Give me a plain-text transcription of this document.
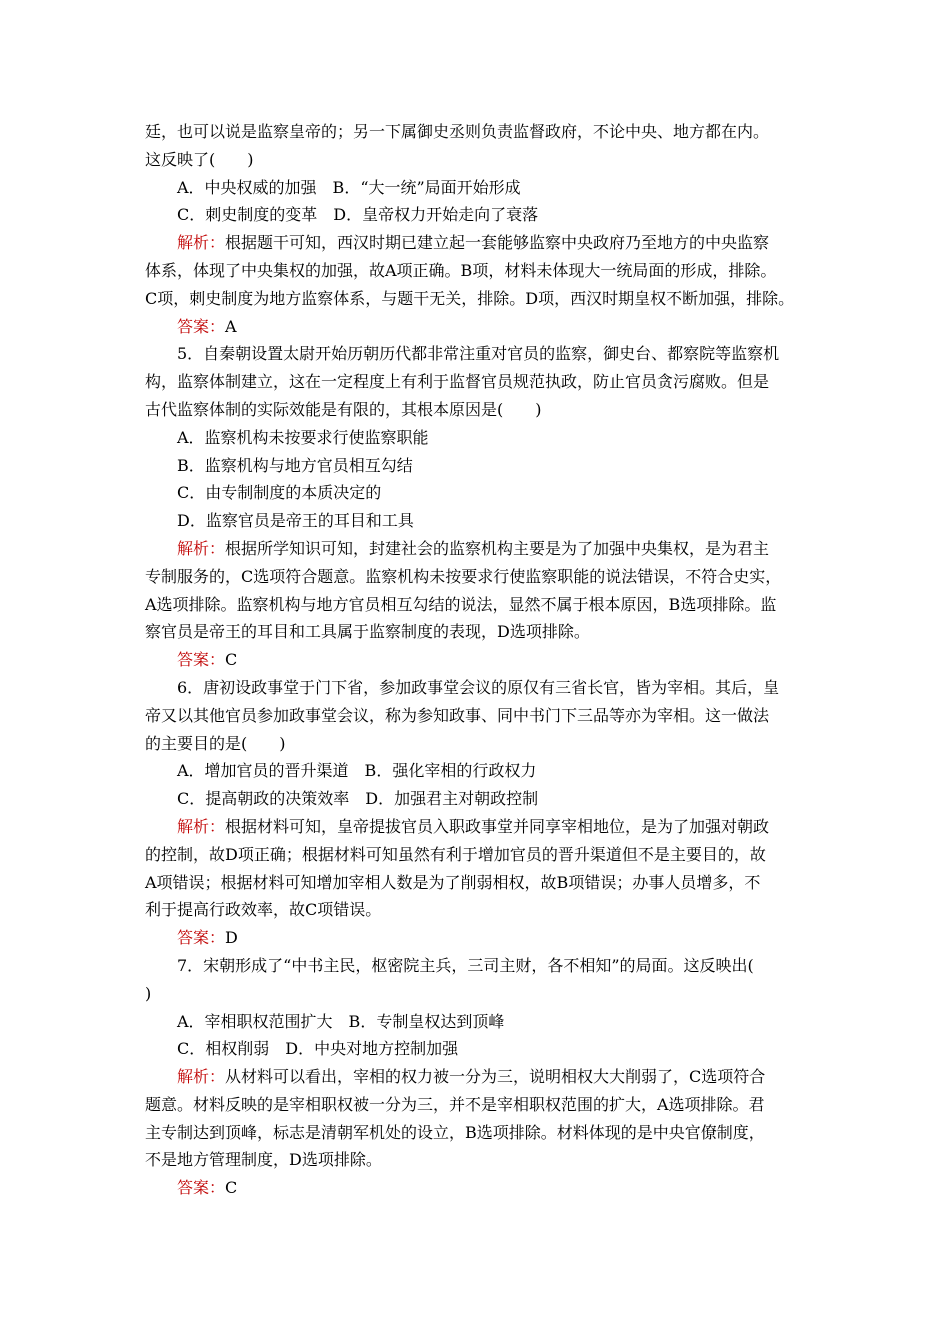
廷，也可以说是监察皇帝的；另一下属御史丞则负责监督政府，不论中央、地方都在内。
这反映了(　　)
A．中央权威的加强　B．“大一统”局面开始形成
C．刺史制度的变革　D．皇帝权力开始走向了衰落
解析：根据题干可知，西汉时期已建立起一套能够监察中央政府乃至地方的中央监察
体系，体现了中央集权的加强，故A项正确。B项，材料未体现大一统局面的形成，排除。
C项，刺史制度为地方监察体系，与题干无关，排除。D项，西汉时期皇权不断加强，排除。
答案：A
5．自秦朝设置太尉开始历朝历代都非常注重对官员的监察，御史台、都察院等监察机
构，监察体制建立，这在一定程度上有利于监督官员规范执政，防止官员贪污腐败。但是
古代监察体制的实际效能是有限的，其根本原因是(　　)
A．监察机构未按要求行使监察职能
B．监察机构与地方官员相互勾结
C．由专制制度的本质决定的
D．监察官员是帝王的耳目和工具
解析：根据所学知识可知，封建社会的监察机构主要是为了加强中央集权，是为君主
专制服务的，C选项符合题意。监察机构未按要求行使监察职能的说法错误，不符合史实，
A选项排除。监察机构与地方官员相互勾结的说法，显然不属于根本原因，B选项排除。监
察官员是帝王的耳目和工具属于监察制度的表现，D选项排除。
答案：C
6．唐初设政事堂于门下省，参加政事堂会议的原仅有三省长官，皆为宰相。其后，皇
帝又以其他官员参加政事堂会议，称为参知政事、同中书门下三品等亦为宰相。这一做法
的主要目的是(　　)
A．增加官员的晋升渠道　B．强化宰相的行政权力
C．提高朝政的决策效率　D．加强君主对朝政控制
解析：根据材料可知，皇帝提拔官员入职政事堂并同享宰相地位，是为了加强对朝政
的控制，故D项正确；根据材料可知虽然有利于增加官员的晋升渠道但不是主要目的，故
A项错误；根据材料可知增加宰相人数是为了削弱相权，故B项错误；办事人员增多，不
利于提高行政效率，故C项错误。
答案：D
7．宋朝形成了“中书主民，枢密院主兵，三司主财，各不相知”的局面。这反映出(
)
A．宰相职权范围扩大　B．专制皇权达到顶峰
C．相权削弱　D．中央对地方控制加强
解析：从材料可以看出，宰相的权力被一分为三，说明相权大大削弱了，C选项符合
题意。材料反映的是宰相职权被一分为三，并不是宰相职权范围的扩大，A选项排除。君
主专制达到顶峰，标志是清朝军机处的设立，B选项排除。材料体现的是中央官僚制度，
不是地方管理制度，D选项排除。
答案：C
